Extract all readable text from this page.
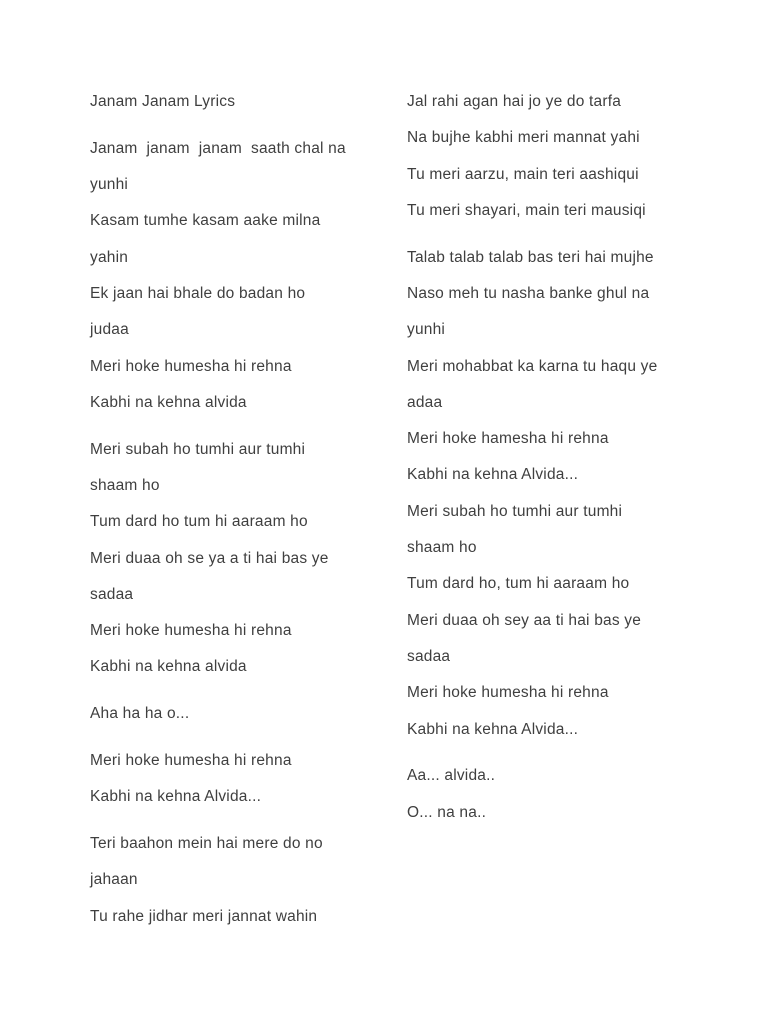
Janam Janam Lyrics
Janam  janam  janam  saath chal na
yunhi
Kasam tumhe kasam aake milna
yahin
Ek jaan hai bhale do badan ho
judaa
Meri hoke humesha hi rehna
Kabhi na kehna alvida
Meri subah ho tumhi aur tumhi
shaam ho
Tum dard ho tum hi aaraam ho
Meri duaa oh se ya a ti hai bas ye
sadaa
Meri hoke humesha hi rehna
Kabhi na kehna alvida
Aha ha ha o...
Meri hoke humesha hi rehna
Kabhi na kehna Alvida...
Teri baahon mein hai mere do no
jahaan
Tu rahe jidhar meri jannat wahin
Jal rahi agan hai jo ye do tarfa
Na bujhe kabhi meri mannat yahi
Tu meri aarzu, main teri aashiqui
Tu meri shayari, main teri mausiqi
Talab talab talab bas teri hai mujhe
Naso meh tu nasha banke ghul na
yunhi
Meri mohabbat ka karna tu haqu ye
adaa
Meri hoke hamesha hi rehna
Kabhi na kehna Alvida...
Meri subah ho tumhi aur tumhi
shaam ho
Tum dard ho, tum hi aaraam ho
Meri duaa oh sey aa ti hai bas ye
sadaa
Meri hoke humesha hi rehna
Kabhi na kehna Alvida...
Aa... alvida..
O... na na..
